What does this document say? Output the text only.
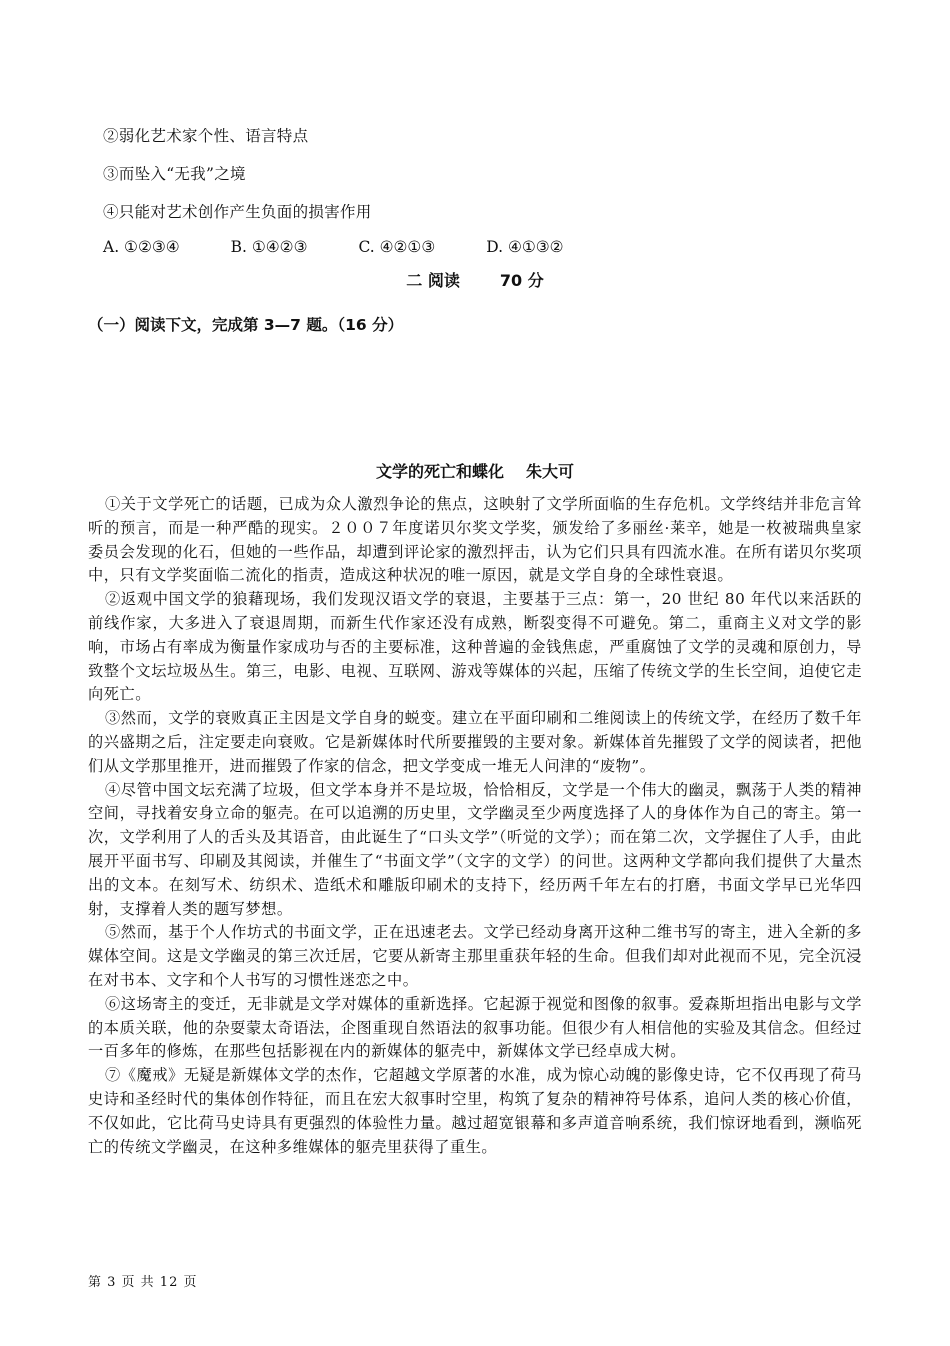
②弱化艺术家个性、语言特点
③而坠入“无我”之境
④只能对艺术创作产生负面的损害作用
A. ①②③④	B. ①④②③	C. ④②①③	D. ④①③②
二 阅读	70 分
（一）阅读下文，完成第 3—7 题。（16 分）
文学的死亡和蝶化 朱大可

①关于文学死亡的话题，已成为众人激烈争论的焦点，这映射了文学所面临的生存危机。文学终结并非危言耸听的预言，而是一种严酷的现实。２００７年度诺贝尔奖文学奖，颁发给了多丽丝·莱辛，她是一枚被瑞典皇家委员会发现的化石，但她的一些作品，却遭到评论家的激烈抨击，认为它们只具有四流水准。在所有诺贝尔奖项中，只有文学奖面临二流化的指责，造成这种状况的唯一原因，就是文学自身的全球性衰退。

②返观中国文学的狼藉现场，我们发现汉语文学的衰退，主要基于三点：第一，20 世纪 80 年代以来活跃的前线作家，大多进入了衰退周期，而新生代作家还没有成熟，断裂变得不可避免。第二，重商主义对文学的影响，市场占有率成为衡量作家成功与否的主要标准，这种普遍的金钱焦虑，严重腐蚀了文学的灵魂和原创力，导致整个文坛垃圾丛生。第三，电影、电视、互联网、游戏等媒体的兴起，压缩了传统文学的生长空间，迫使它走向死亡。

③然而，文学的衰败真正主因是文学自身的蜕变。建立在平面印刷和二维阅读上的传统文学，在经历了数千年的兴盛期之后，注定要走向衰败。它是新媒体时代所要摧毁的主要对象。新媒体首先摧毁了文学的阅读者，把他们从文学那里推开，进而摧毁了作家的信念，把文学变成一堆无人问津的“废物”。

④尽管中国文坛充满了垃圾，但文学本身并不是垃圾，恰恰相反，文学是一个伟大的幽灵，飘荡于人类的精神空间，寻找着安身立命的躯壳。在可以追溯的历史里，文学幽灵至少两度选择了人的身体作为自己的寄主。第一次，文学利用了人的舌头及其语音，由此诞生了“口头文学”（听觉的文学）；而在第二次，文学握住了人手，由此展开平面书写、印刷及其阅读，并催生了“书面文学”（文字的文学）的问世。这两种文学都向我们提供了大量杰出的文本。在刻写术、纺织术、造纸术和雕版印刷术的支持下，经历两千年左右的打磨，书面文学早已光华四射，支撑着人类的题写梦想。

⑤然而，基于个人作坊式的书面文学，正在迅速老去。文学已经动身离开这种二维书写的寄主，进入全新的多媒体空间。这是文学幽灵的第三次迁居，它要从新寄主那里重获年轻的生命。但我们却对此视而不见，完全沉浸在对书本、文字和个人书写的习惯性迷恋之中。

⑥这场寄主的变迁，无非就是文学对媒体的重新选择。它起源于视觉和图像的叙事。爱森斯坦指出电影与文学的本质关联，他的杂耍蒙太奇语法，企图重现自然语法的叙事功能。但很少有人相信他的实验及其信念。但经过一百多年的修炼，在那些包括影视在内的新媒体的躯壳中，新媒体文学已经卓成大树。

⑦《魔戒》无疑是新媒体文学的杰作，它超越文学原著的水准，成为惊心动魄的影像史诗，它不仅再现了荷马史诗和圣经时代的集体创作特征，而且在宏大叙事时空里，构筑了复杂的精神符号体系，追问人类的核心价值，不仅如此，它比荷马史诗具有更强烈的体验性力量。越过超宽银幕和多声道音响系统，我们惊讶地看到，濒临死亡的传统文学幽灵，在这种多维媒体的躯壳里获得了重生。

第 3 页 共 12 页
